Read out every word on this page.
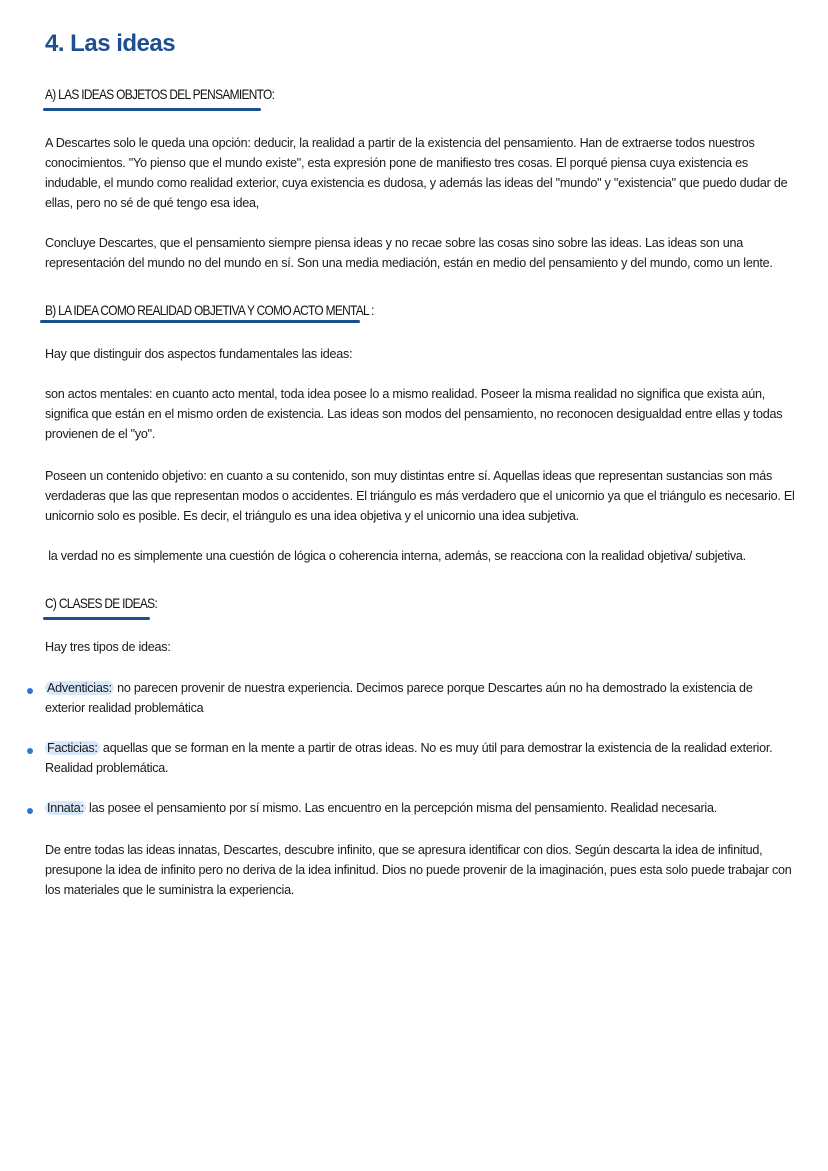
4. Las ideas
A) LAS IDEAS OBJETOS DEL PENSAMIENTO:

A Descartes solo le queda una opción: deducir, la realidad a partir de la existencia del pensamiento. Han de extraerse todos nuestros conocimientos. "Yo pienso que el mundo existe", esta expresión pone de manifiesto tres cosas. El porqué piensa cuya existencia es indudable, el mundo como realidad exterior, cuya existencia es dudosa, y además las ideas del "mundo" y "existencia" que puedo dudar de ellas, pero no sé de qué tengo esa idea,

Concluye Descartes, que el pensamiento siempre piensa ideas y no recae sobre las cosas sino sobre las ideas. Las ideas son una representación del mundo no del mundo en sí. Son una media mediación, están en medio del pensamiento y del mundo, como un lente.

B) LA IDEA COMO REALIDAD OBJETIVA Y COMO ACTO MENTAL :

Hay que distinguir dos aspectos fundamentales las ideas:

son actos mentales: en cuanto acto mental, toda idea posee lo a mismo realidad. Poseer la misma realidad no significa que exista aún, significa que están en el mismo orden de existencia. Las ideas son modos del pensamiento, no reconocen desigualdad entre ellas y todas provienen de el "yo".

Poseen un contenido objetivo: en cuanto a su contenido, son muy distintas entre sí. Aquellas ideas que representan sustancias son más verdaderas que las que representan modos o accidentes. El triángulo es más verdadero que el unicornio ya que el triángulo es necesario. El unicornio solo es posible. Es decir, el triángulo es una idea objetiva y el unicornio una idea subjetiva.

la verdad no es simplemente una cuestión de lógica o coherencia interna, además, se reacciona con la realidad objetiva/ subjetiva.

C) CLASES DE IDEAS:

Hay tres tipos de ideas:

Adventicias: no parecen provenir de nuestra experiencia. Decimos parece porque Descartes aún no ha demostrado la existencia de exterior realidad problemática

Facticias: aquellas que se forman en la mente a partir de otras ideas. No es muy útil para demostrar la existencia de la realidad exterior. Realidad problemática.

Innata: las posee el pensamiento por sí mismo. Las encuentro en la percepción misma del pensamiento. Realidad necesaria.

De entre todas las ideas innatas, Descartes, descubre infinito, que se apresura identificar con dios. Según descarta la idea de infinitud, presupone la idea de infinito pero no deriva de la idea infinitud. Dios no puede provenir de la imaginación, pues esta solo puede trabajar con los materiales que le suministra la experiencia.
